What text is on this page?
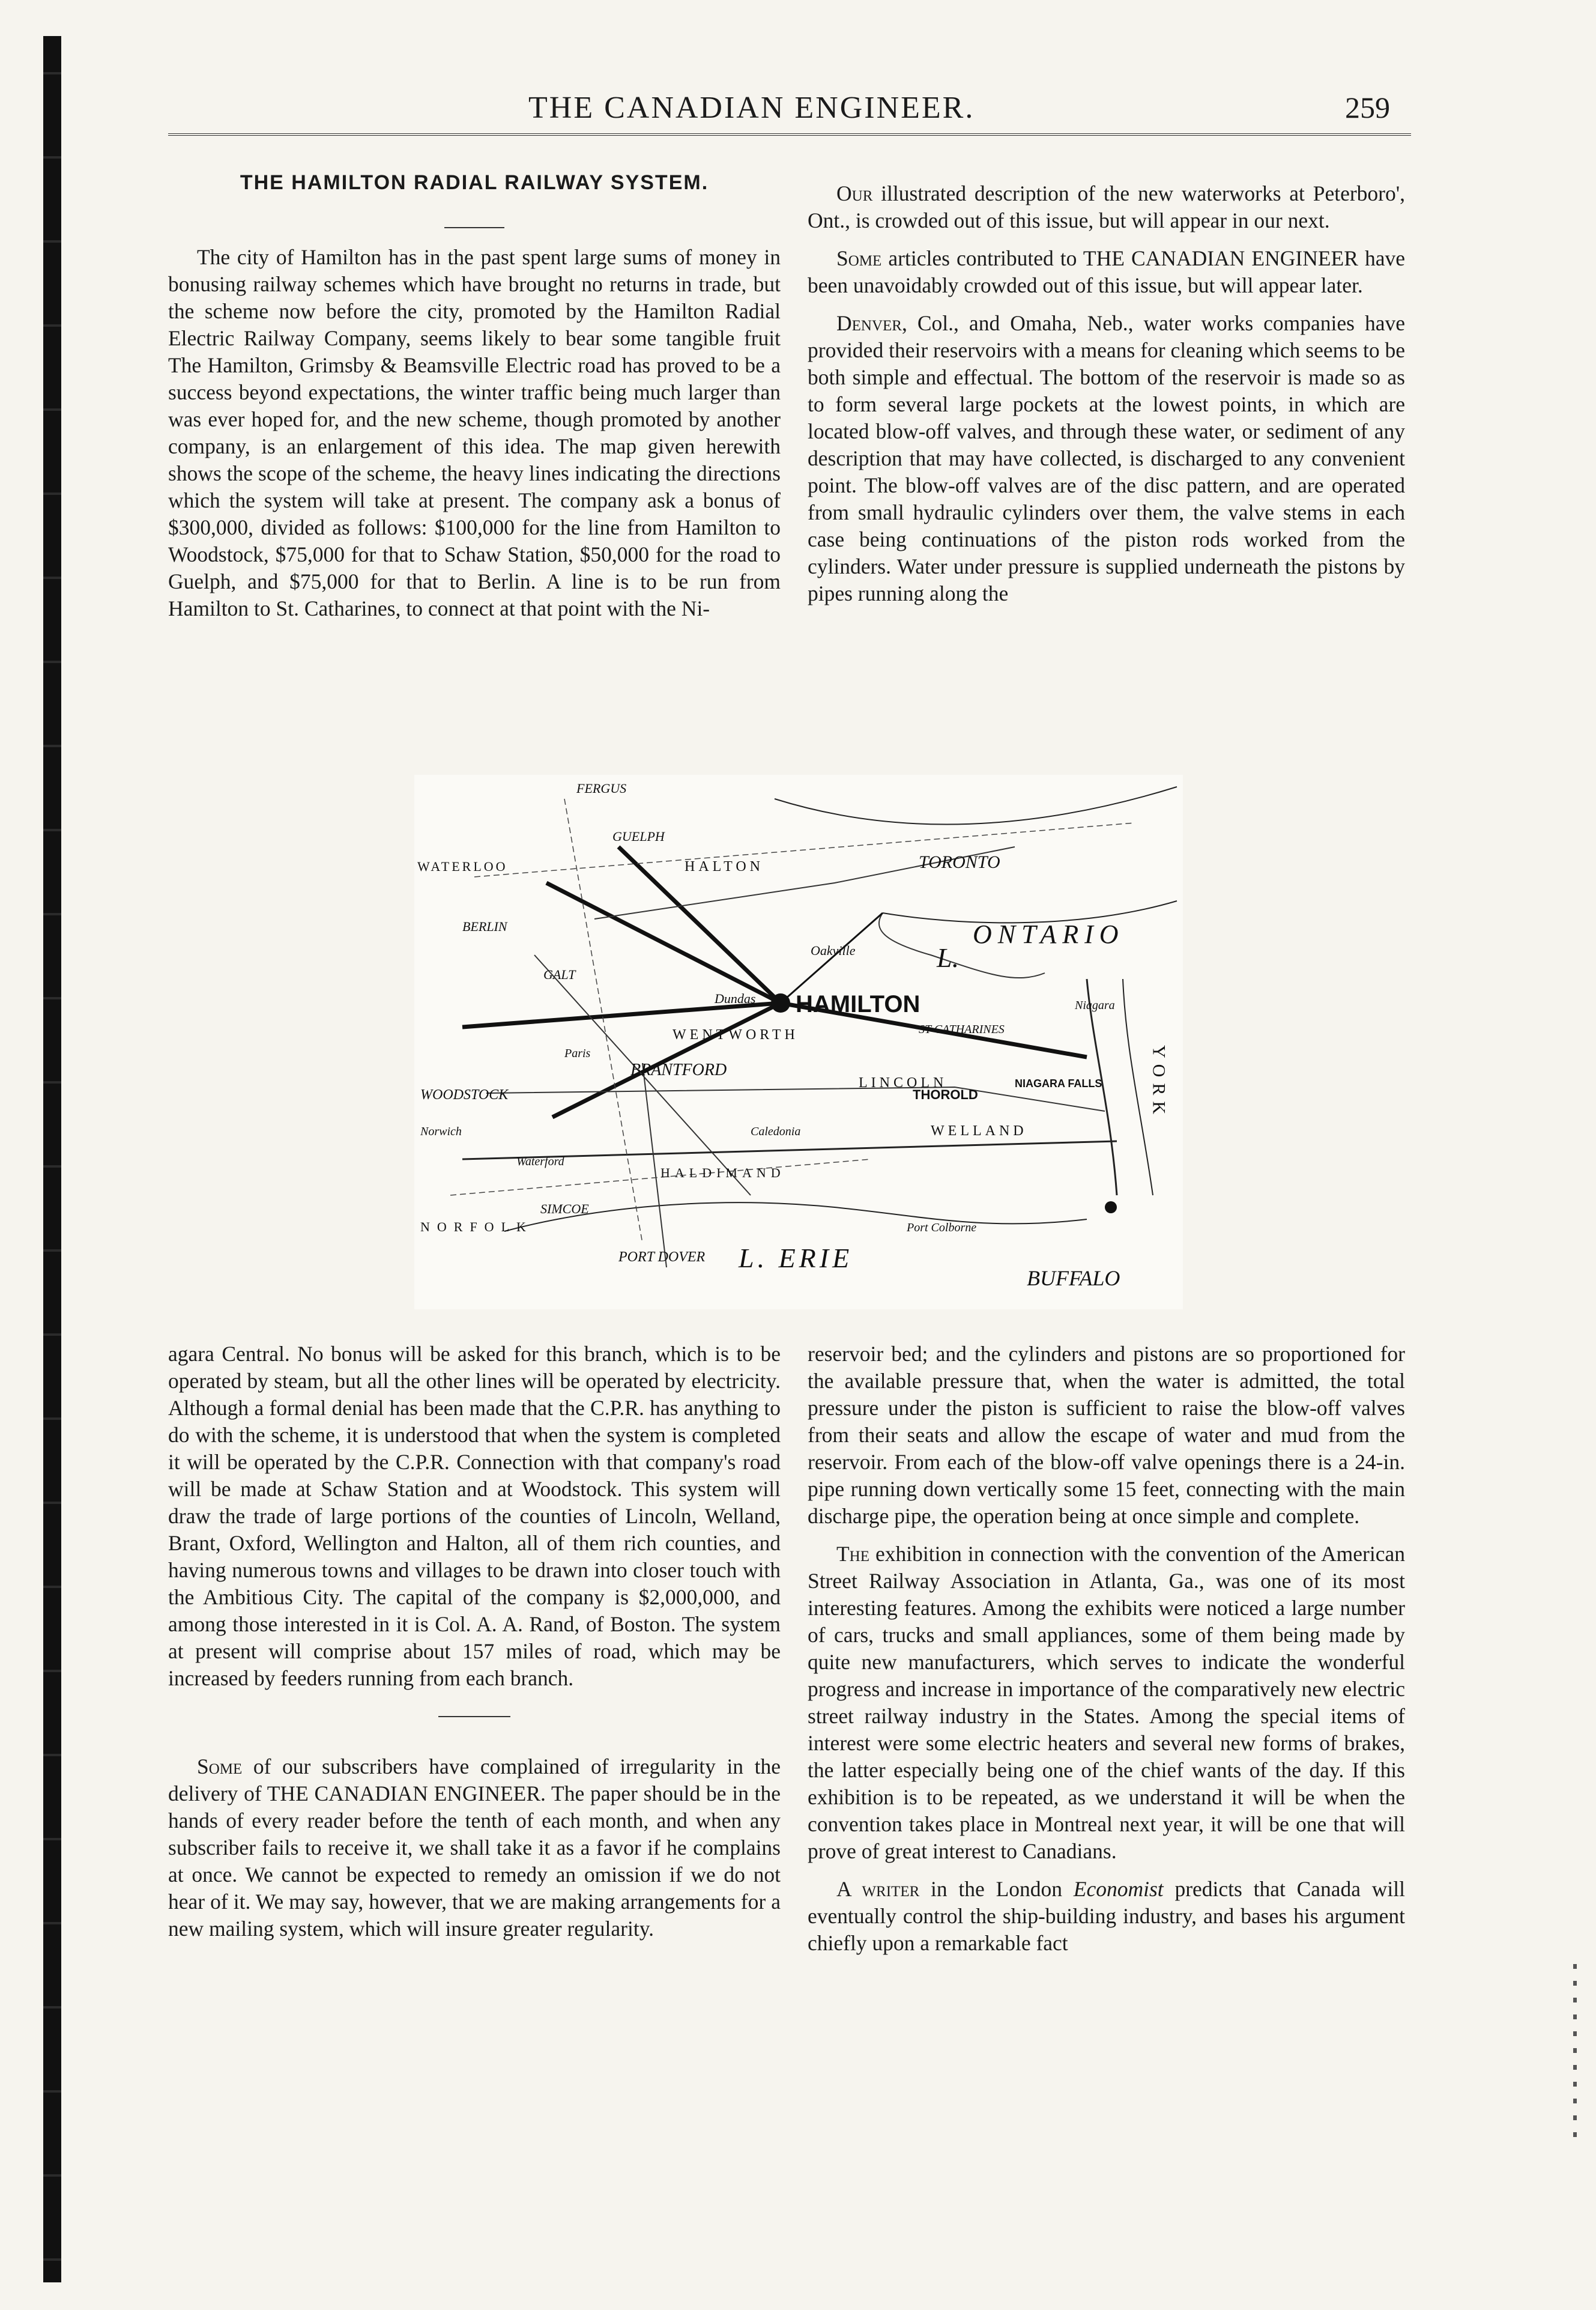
THE CANADIAN ENGINEER.	259
THE HAMILTON RADIAL RAILWAY SYSTEM.

The city of Hamilton has in the past spent large sums of money in bonusing railway schemes which have brought no returns in trade, but the scheme now before the city, promoted by the Hamilton Radial Electric Railway Company, seems likely to bear some tangible fruit The Hamilton, Grimsby & Beamsville Electric road has proved to be a success beyond expectations, the winter traffic being much larger than was ever hoped for, and the new scheme, though promoted by another company, is an enlargement of this idea. The map given herewith shows the scope of the scheme, the heavy lines indicating the directions which the system will take at present. The company ask a bonus of $300,000, divided as follows: $100,000 for the line from Hamilton to Woodstock, $75,000 for that to Schaw Station, $50,000 for the road to Guelph, and $75,000 for that to Berlin. A line is to be run from Hamilton to St. Catharines, to connect at that point with the Ni-

Our illustrated description of the new waterworks at Peterboro', Ont., is crowded out of this issue, but will appear in our next.

Some articles contributed to THE CANADIAN ENGINEER have been unavoidably crowded out of this issue, but will appear later.

Denver, Col., and Omaha, Neb., water works companies have provided their reservoirs with a means for cleaning which seems to be both simple and effectual. The bottom of the reservoir is made so as to form several large pockets at the lowest points, in which are located blow-off valves, and through these water, or sediment of any description that may have collected, is discharged to any convenient point. The blow-off valves are of the disc pattern, and are operated from small hydraulic cylinders over them, the valve stems in each case being continuations of the piston rods worked from the cylinders. Water under pressure is supplied underneath the pistons by pipes running along the

HAMILTON
TORONTO
L.
ONTARIO
L. ERIE
BUFFALO
BRANTFORD
WOODSTOCK
GUELPH
BERLIN
GALT
FERGUS
WATERLOO	HALTON
WENTWORTH
LINCOLN
WELLAND
HALDIMAND
NORFOLK
YORK
Oakville
Dundas
SIMCOE
PORT DOVER
Port Colborne
THOROLD
ST CATHARINES
NIAGARA FALLS
Caledonia
Paris
Norwich
Waterford
Niagara

agara Central. No bonus will be asked for this branch, which is to be operated by steam, but all the other lines will be operated by electricity. Although a formal denial has been made that the C.P.R. has anything to do with the scheme, it is understood that when the system is completed it will be operated by the C.P.R. Connection with that company's road will be made at Schaw Station and at Woodstock. This system will draw the trade of large portions of the counties of Lincoln, Welland, Brant, Oxford, Wellington and Halton, all of them rich counties, and having numerous towns and villages to be drawn into closer touch with the Ambitious City. The capital of the company is $2,000,000, and among those interested in it is Col. A. A. Rand, of Boston. The system at present will comprise about 157 miles of road, which may be increased by feeders running from each branch.

Some of our subscribers have complained of irregularity in the delivery of THE CANADIAN ENGINEER. The paper should be in the hands of every reader before the tenth of each month, and when any subscriber fails to receive it, we shall take it as a favor if he complains at once. We cannot be expected to remedy an omission if we do not hear of it. We may say, however, that we are making arrangements for a new mailing system, which will insure greater regularity.

reservoir bed; and the cylinders and pistons are so proportioned for the available pressure that, when the water is admitted, the total pressure under the piston is sufficient to raise the blow-off valves from their seats and allow the escape of water and mud from the reservoir. From each of the blow-off valve openings there is a 24-in. pipe running down vertically some 15 feet, connecting with the main discharge pipe, the operation being at once simple and complete.

The exhibition in connection with the convention of the American Street Railway Association in Atlanta, Ga., was one of its most interesting features. Among the exhibits were noticed a large number of cars, trucks and small appliances, some of them being made by quite new manufacturers, which serves to indicate the wonderful progress and increase in importance of the comparatively new electric street railway industry in the States. Among the special items of interest were some electric heaters and several new forms of brakes, the latter especially being one of the chief wants of the day. If this exhibition is to be repeated, as we understand it will be when the convention takes place in Montreal next year, it will be one that will prove of great interest to Canadians.

A writer in the London Economist predicts that Canada will eventually control the ship-building industry, and bases his argument chiefly upon a remarkable fact
